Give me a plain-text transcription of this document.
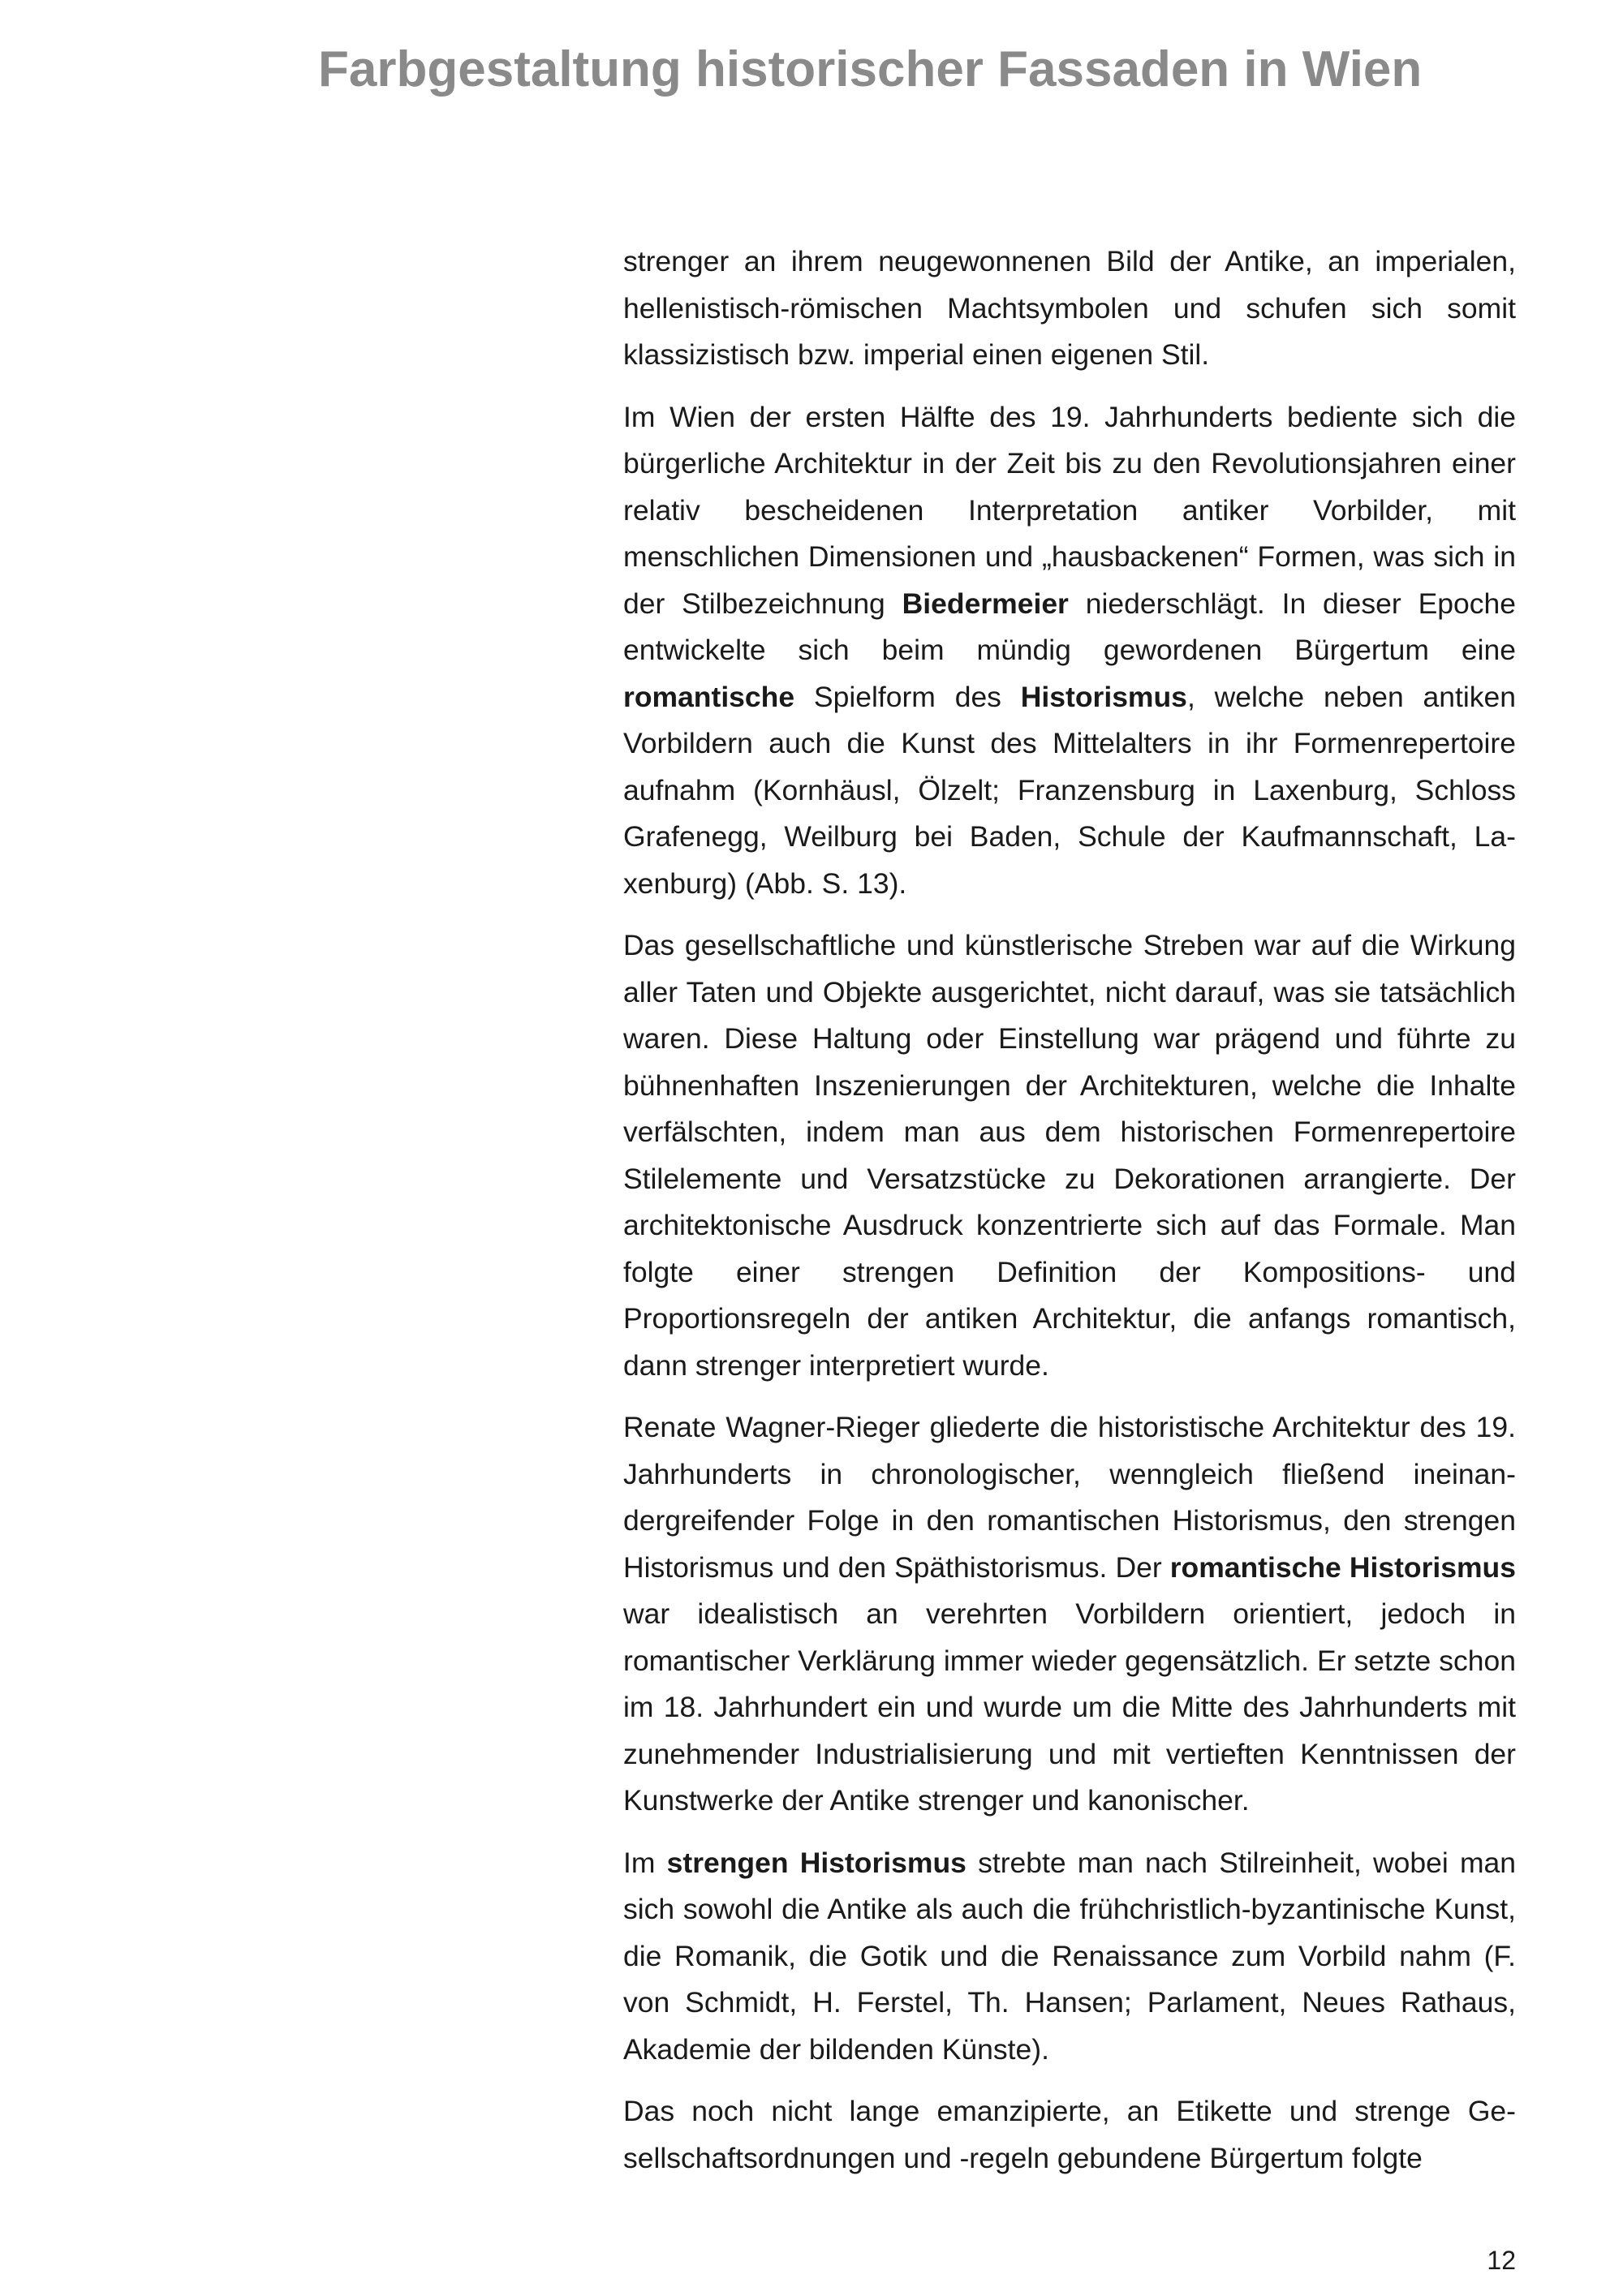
Farbgestaltung historischer Fassaden in Wien

strenger an ihrem neugewonnenen Bild der Antike, an imperialen, hellenistisch-römischen Machtsymbolen und schufen sich somit klassizistisch bzw. imperial einen eigenen Stil.

Im Wien der ersten Hälfte des 19. Jahrhunderts bediente sich die bürgerliche Architektur in der Zeit bis zu den Revolutionsjahren einer relativ bescheidenen Interpretation antiker Vorbilder, mit menschlichen Dimensionen und „hausbackenen“ Formen, was sich in der Stilbezeichnung Biedermeier niederschlägt. In dieser Epoche entwickelte sich beim mündig gewordenen Bürgertum eine romantische Spielform des Historismus, welche neben antiken Vorbildern auch die Kunst des Mittelalters in ihr Formenrepertoire aufnahm (Kornhäusl, Ölzelt; Franzensburg in Laxenburg, Schloss Grafenegg, Weilburg bei Baden, Schule der Kaufmannschaft, Laxenburg) (Abb. S. 13).

Das gesellschaftliche und künstlerische Streben war auf die Wirkung aller Taten und Objekte ausgerichtet, nicht darauf, was sie tatsächlich waren. Diese Haltung oder Einstellung war prägend und führte zu bühnenhaften Inszenierungen der Architekturen, welche die Inhalte verfälschten, indem man aus dem historischen Formenrepertoire Stilelemente und Versatzstücke zu Dekorationen arrangierte. Der architektonische Ausdruck konzentrierte sich auf das Formale. Man folgte einer strengen Definition der Kompositions- und Proportionsregeln der antiken Architektur, die anfangs romantisch, dann strenger interpretiert wurde.

Renate Wagner-Rieger gliederte die historistische Architektur des 19. Jahrhunderts in chronologischer, wenngleich fließend ineinandergreifender Folge in den romantischen Historismus, den strengen Historismus und den Späthistorismus. Der romantische Historismus war idealistisch an verehrten Vorbildern orientiert, jedoch in romantischer Verklärung immer wieder gegensätzlich. Er setzte schon im 18. Jahrhundert ein und wurde um die Mitte des Jahrhunderts mit zunehmender Industrialisierung und mit vertieften Kenntnissen der Kunstwerke der Antike strenger und kanonischer.

Im strengen Historismus strebte man nach Stilreinheit, wobei man sich sowohl die Antike als auch die frühchristlich-byzantinische Kunst, die Romanik, die Gotik und die Renaissance zum Vorbild nahm (F. von Schmidt, H. Ferstel, Th. Hansen; Parlament, Neues Rathaus, Akademie der bildenden Künste).

Das noch nicht lange emanzipierte, an Etikette und strenge Gesellschaftsordnungen und -regeln gebundene Bürgertum folgte

12
